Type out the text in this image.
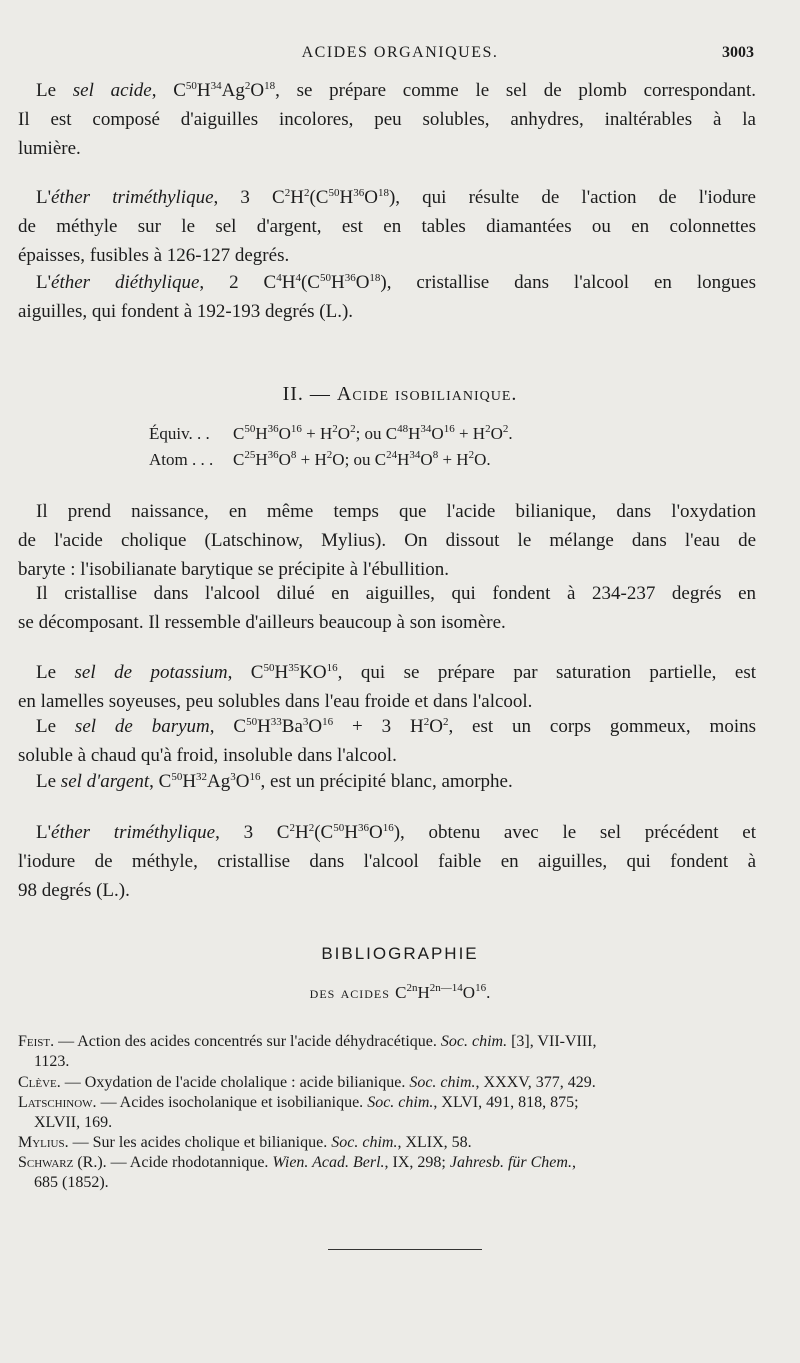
ACIDES ORGANIQUES.	3003

Le sel acide, $C^{50}H^{34}Ag^2O^{18}$, se prépare comme le sel de plomb correspondant.
Il est composé d'aiguilles incolores, peu solubles, anhydres, inaltérables à la
lumière.

L'éther triméthylique, 3 $C^2H^2(C^{50}H^{36}O^{18})$, qui résulte de l'action de l'iodure
de méthyle sur le sel d'argent, est en tables diamantées ou en colonnettes
épaisses, fusibles à 126-127 degrés.

L'éther diéthylique, 2 $C^4H^4(C^{50}H^{36}O^{18})$, cristallise dans l'alcool en longues
aiguilles, qui fondent à 192-193 degrés (L.).

II. — Acide isobilianique.
Équiv. . . $C^{50}H^{36}O^{16} + H^2O^2$; ou $C^{48}H^{34}O^{16} + H^2O^2$.
Atom . . . $C^{25}H^{36}O^8 + H^2O$; ou $C^{24}H^{34}O^8 + H^2O$.

Il prend naissance, en même temps que l'acide bilianique, dans l'oxydation
de l'acide cholique (Latschinow, Mylius). On dissout le mélange dans l'eau de
baryte : l'isobilianate barytique se précipite à l'ébullition.

Il cristallise dans l'alcool dilué en aiguilles, qui fondent à 234-237 degrés en
se décomposant. Il ressemble d'ailleurs beaucoup à son isomère.

Le sel de potassium, $C^{50}H^{35}KO^{16}$, qui se prépare par saturation partielle, est
en lamelles soyeuses, peu solubles dans l'eau froide et dans l'alcool.

Le sel de baryum, $C^{50}H^{33}Ba^3O^{16} + 3$ $H^2O^2$, est un corps gommeux, moins
soluble à chaud qu'à froid, insoluble dans l'alcool.

Le sel d'argent, $C^{50}H^{32}Ag^3O^{16}$, est un précipité blanc, amorphe.

L'éther triméthylique, 3 $C^2H^2(C^{50}H^{36}O^{16})$, obtenu avec le sel précédent et
l'iodure de méthyle, cristallise dans l'alcool faible en aiguilles, qui fondent à
98 degrés (L.).

BIBLIOGRAPHIE
des acides $C^{2n}H^{2n—14}O^{16}$.
Feist. — Action des acides concentrés sur l'acide déhydracétique. Soc. chim. [3], VII-VIII,
1123.
Clève. — Oxydation de l'acide cholalique : acide bilianique. Soc. chim., XXXV, 377, 429.
Latschinow. — Acides isocholanique et isobilianique. Soc. chim., XLVI, 491, 818, 875;
XLVII, 169.
Mylius. — Sur les acides cholique et bilianique. Soc. chim., XLIX, 58.
Schwarz (R.). — Acide rhodotannique. Wien. Acad. Berl., IX, 298; Jahresb. für Chem.,
685 (1852).
